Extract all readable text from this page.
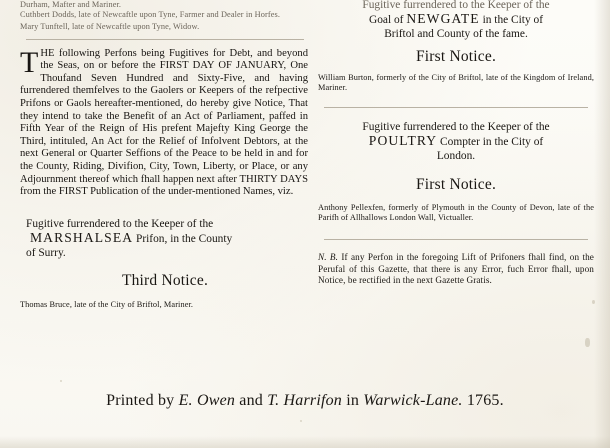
Durham, Mafter and Mariner.
Cuthbert Dodds, late of Newcaftle upon Tyne, Farmer and Dealer in Horfes.
Mary Tunftell, late of Newcaftle upon Tyne, Widow.
THE following Perfons being Fugitives for Debt, and beyond the Seas, on or before the FIRST DAY OF JANUARY, One Thoufand Seven Hundred and Sixty-Five, and having furrendered themfelves to the Gaolers or Keepers of the refpective Prifons or Gaols hereafter-mentioned, do hereby give Notice, That they intend to take the Benefit of an Act of Parliament, paffed in Fifth Year of the Reign of His prefent Majefty King George the Third, intituled, An Act for the Relief of Infolvent Debtors, at the next General or Quarter Seffions of the Peace to be held in and for the County, Riding, Divifion, City, Town, Liberty, or Place, or any Adjournment thereof which fhall happen next after THIRTY DAYS from the FIRST Publication of the under-mentioned Names, viz.
Fugitive furrendered to the Keeper of the
MARSHALSEA Prifon, in the County
of Surry.
Third Notice.
Thomas Bruce, late of the City of Briftol, Mariner.
Fugitive furrendered to the Keeper of the
Goal of NEWGATE in the City of
Briftol and County of the fame.
First Notice.
William Burton, formerly of the City of Briftol, late of the Kingdom of Ireland, Mariner.
Fugitive furrendered to the Keeper of the
POULTRY Compter in the City of
London.
First Notice.
Anthony Pellexfen, formerly of Plymouth in the County of Devon, late of the Parifh of Allhallows London Wall, Victualler.
N. B. If any Perfon in the foregoing Lift of Prifoners fhall find, on the Perufal of this Gazette, that there is any Error, fuch Error fhall, upon Notice, be rectified in the next Gazette Gratis.
Printed by E. Owen and T. Harrifon in Warwick-Lane. 1765.
